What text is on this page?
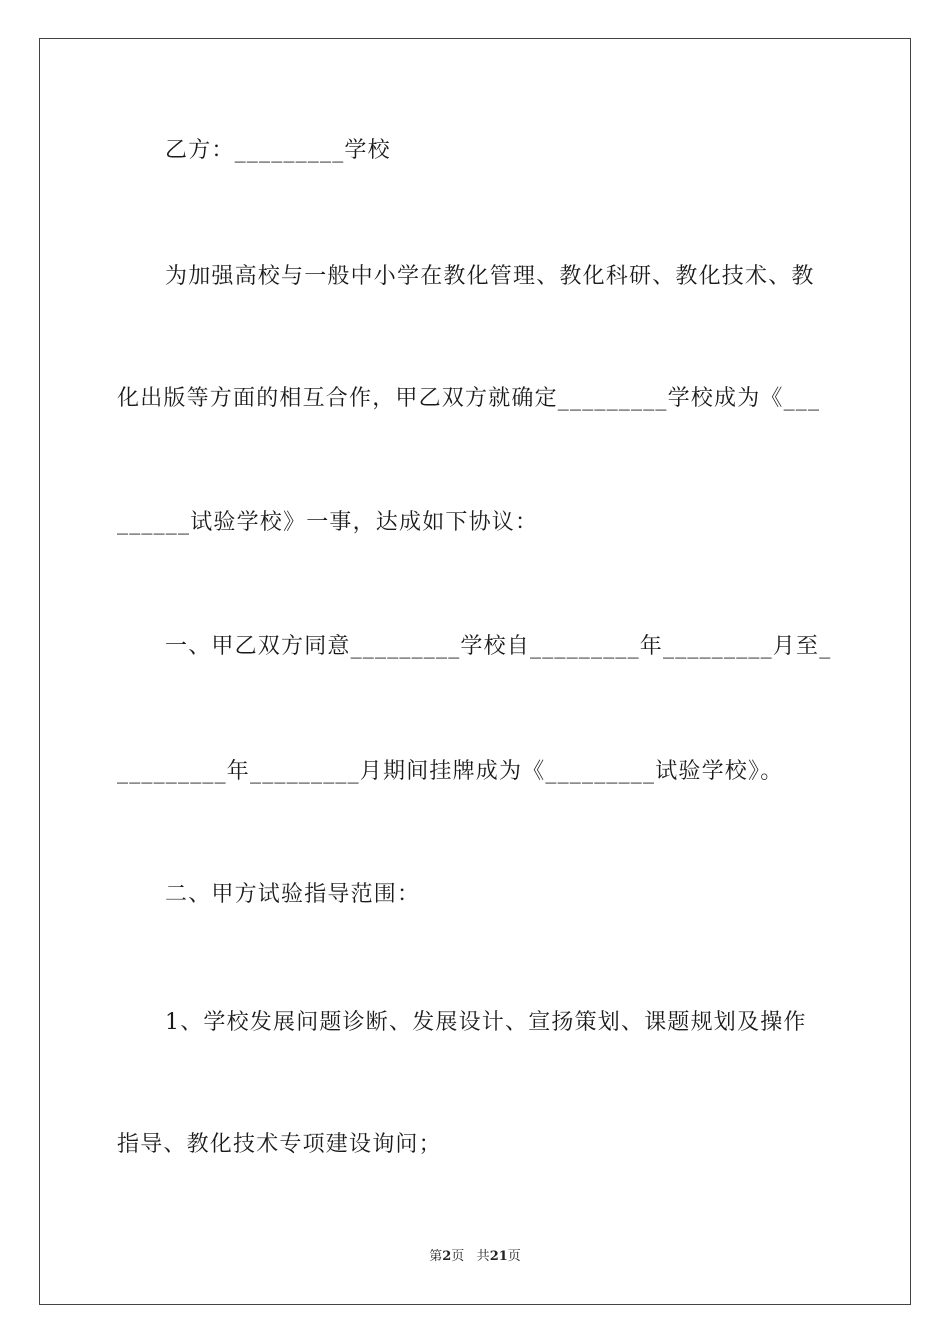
乙方：_________学校
为加强高校与一般中小学在教化管理、教化科研、教化技术、教
化出版等方面的相互合作，甲乙双方就确定_________学校成为《___
______试验学校》一事，达成如下协议：
一、甲乙双方同意_________学校自_________年_________月至_
_________年_________月期间挂牌成为《_________试验学校》。
二、甲方试验指导范围：
1、学校发展问题诊断、发展设计、宣扬策划、课题规划及操作
指导、教化技术专项建设询问；
第2页 共21页
